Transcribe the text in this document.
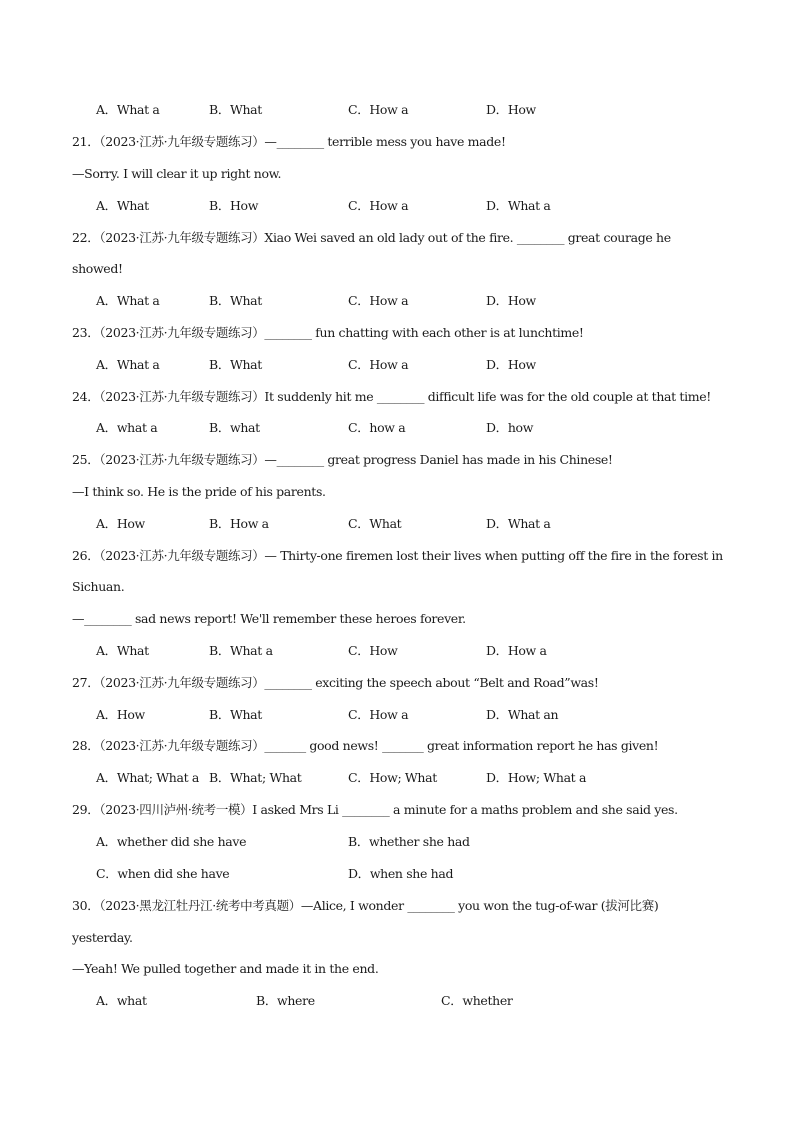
A．What a	B．What	C．How a	D．How
21．（2023·江苏·九年级专题练习）—________ terrible mess you have made!
—Sorry. I will clear it up right now.
A．What	B．How	C．How a	D．What a
22．（2023·江苏·九年级专题练习）Xiao Wei saved an old lady out of the fire. ________ great courage he
showed!
A．What a	B．What	C．How a	D．How
23．（2023·江苏·九年级专题练习）________ fun chatting with each other is at lunchtime!
A．What a	B．What	C．How a	D．How
24．（2023·江苏·九年级专题练习）It suddenly hit me ________ difficult life was for the old couple at that time!
A．what a	B．what	C．how a	D．how
25．（2023·江苏·九年级专题练习）—________ great progress Daniel has made in his Chinese!
—I think so. He is the pride of his parents.
A．How	B．How a	C．What	D．What a
26．（2023·江苏·九年级专题练习）— Thirty-one firemen lost their lives when putting off the fire in the forest in
Sichuan.
—________ sad news report! We'll remember these heroes forever.
A．What	B．What a	C．How	D．How a
27．（2023·江苏·九年级专题练习）________ exciting the speech about “Belt and Road”was!
A．How	B．What	C．How a	D．What an
28．（2023·江苏·九年级专题练习）_______ good news! _______ great information report he has given!
A．What; What a B．What; What	C．How; What	D．How; What a
29．（2023·四川泸州·统考一模）I asked Mrs Li ________ a minute for a maths problem and she said yes.
A．whether did she have	B．whether she had
C．when did she have	D．when she had
30．（2023·黑龙江牡丹江·统考中考真题）—Alice, I wonder ________ you won the tug-of-war (拔河比赛)
yesterday.
—Yeah! We pulled together and made it in the end.
A．what	B．where	C．whether
